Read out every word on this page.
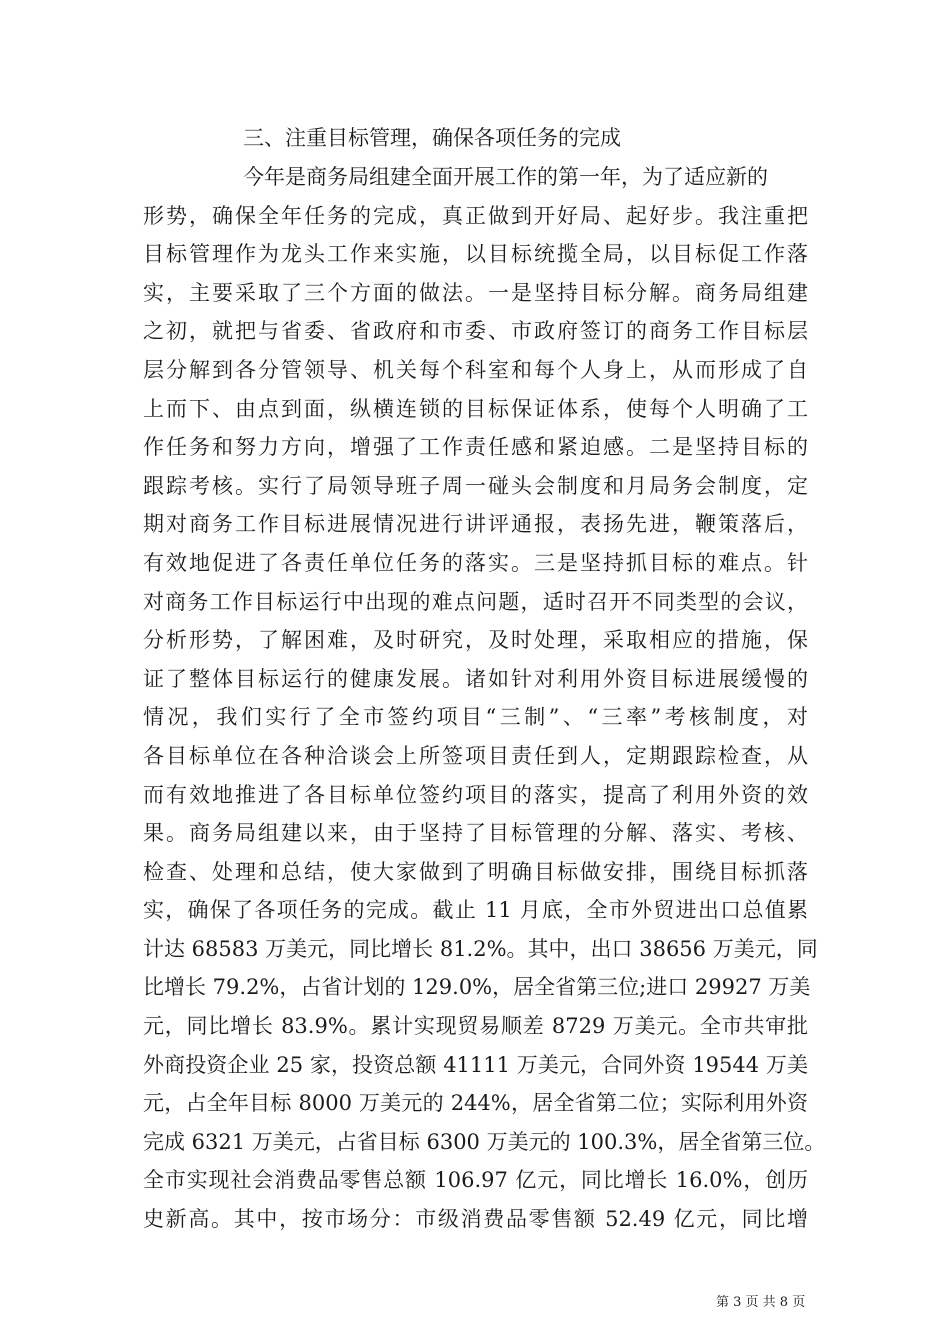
三、注重目标管理，确保各项任务的完成
今年是商务局组建全面开展工作的第一年，为了适应新的
形势，确保全年任务的完成，真正做到开好局、起好步。我注重把
目标管理作为龙头工作来实施，以目标统揽全局，以目标促工作落
实，主要采取了三个方面的做法。一是坚持目标分解。商务局组建
之初，就把与省委、省政府和市委、市政府签订的商务工作目标层
层分解到各分管领导、机关每个科室和每个人身上，从而形成了自
上而下、由点到面，纵横连锁的目标保证体系，使每个人明确了工
作任务和努力方向，增强了工作责任感和紧迫感。二是坚持目标的
跟踪考核。实行了局领导班子周一碰头会制度和月局务会制度，定
期对商务工作目标进展情况进行讲评通报，表扬先进，鞭策落后，
有效地促进了各责任单位任务的落实。三是坚持抓目标的难点。针
对商务工作目标运行中出现的难点问题，适时召开不同类型的会议，
分析形势，了解困难，及时研究，及时处理，采取相应的措施，保
证了整体目标运行的健康发展。诸如针对利用外资目标进展缓慢的
情况，我们实行了全市签约项目“三制”、“三率”考核制度，对
各目标单位在各种洽谈会上所签项目责任到人，定期跟踪检查，从
而有效地推进了各目标单位签约项目的落实，提高了利用外资的效
果。商务局组建以来，由于坚持了目标管理的分解、落实、考核、
检查、处理和总结，使大家做到了明确目标做安排，围绕目标抓落
实，确保了各项任务的完成。截止 11 月底，全市外贸进出口总值累
计达 68583 万美元，同比增长 81.2%。其中，出口 38656 万美元，同
比增长 79.2%，占省计划的 129.0%，居全省第三位;进口 29927 万美
元，同比增长 83.9%。累计实现贸易顺差 8729 万美元。全市共审批
外商投资企业 25 家，投资总额 41111 万美元，合同外资 19544 万美
元，占全年目标 8000 万美元的 244%，居全省第二位；实际利用外资
完成 6321 万美元，占省目标 6300 万美元的 100.3%，居全省第三位。
全市实现社会消费品零售总额 106.97 亿元，同比增长 16.0%，创历
史新高。其中，按市场分：市级消费品零售额 52.49 亿元，同比增
第 3 页 共 8 页
